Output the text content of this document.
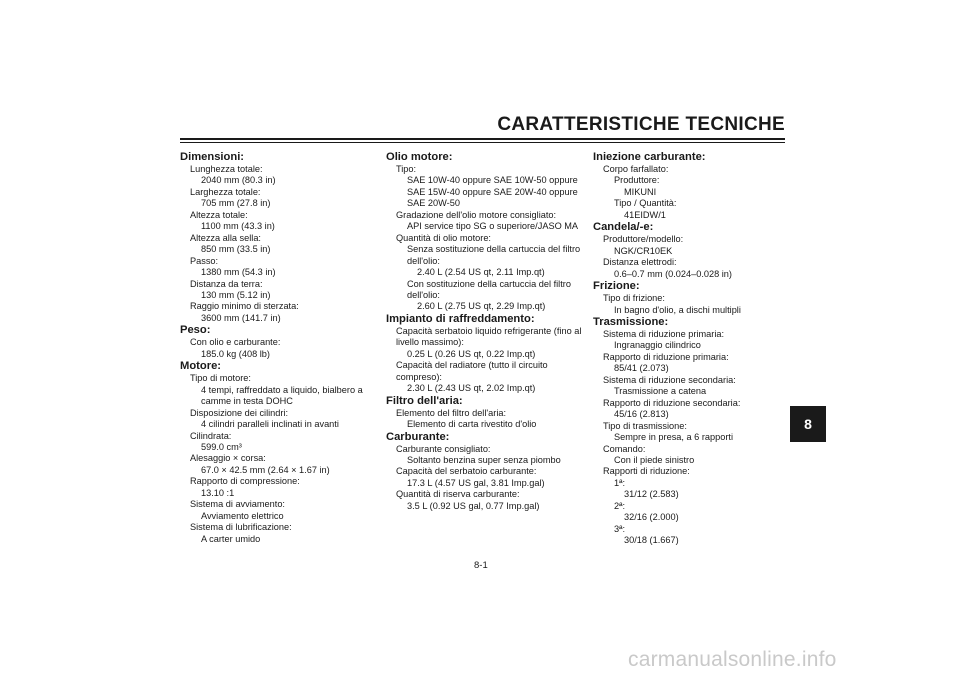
CARATTERISTICHE TECNICHE
8
Dimensioni:
Lunghezza totale:
2040 mm (80.3 in)
Larghezza totale:
705 mm (27.8 in)
Altezza totale:
1100 mm (43.3 in)
Altezza alla sella:
850 mm (33.5 in)
Passo:
1380 mm (54.3 in)
Distanza da terra:
130 mm (5.12 in)
Raggio minimo di sterzata:
3600 mm (141.7 in)
Peso:
Con olio e carburante:
185.0 kg (408 lb)
Motore:
Tipo di motore:
4 tempi, raffreddato a liquido, bialbero a
camme in testa DOHC
Disposizione dei cilindri:
4 cilindri paralleli inclinati in avanti
Cilindrata:
599.0 cm³
Alesaggio × corsa:
67.0 × 42.5 mm (2.64 × 1.67 in)
Rapporto di compressione:
13.10 :1
Sistema di avviamento:
Avviamento elettrico
Sistema di lubrificazione:
A carter umido
Olio motore:
Tipo:
SAE 10W-40 oppure SAE 10W-50 oppure
SAE 15W-40 oppure SAE 20W-40 oppure
SAE 20W-50
Gradazione dell'olio motore consigliato:
API service tipo SG o superiore/JASO MA
Quantità di olio motore:
Senza sostituzione della cartuccia del filtro
dell'olio:
2.40 L (2.54 US qt, 2.11 Imp.qt)
Con sostituzione della cartuccia del filtro
dell'olio:
2.60 L (2.75 US qt, 2.29 Imp.qt)
Impianto di raffreddamento:
Capacità serbatoio liquido refrigerante (fino al
livello massimo):
0.25 L (0.26 US qt, 0.22 Imp.qt)
Capacità del radiatore (tutto il circuito
compreso):
2.30 L (2.43 US qt, 2.02 Imp.qt)
Filtro dell'aria:
Elemento del filtro dell'aria:
Elemento di carta rivestito d'olio
Carburante:
Carburante consigliato:
Soltanto benzina super senza piombo
Capacità del serbatoio carburante:
17.3 L (4.57 US gal, 3.81 Imp.gal)
Quantità di riserva carburante:
3.5 L (0.92 US gal, 0.77 Imp.gal)
Iniezione carburante:
Corpo farfallato:
Produttore:
MIKUNI
Tipo / Quantità:
41EIDW/1
Candela/-e:
Produttore/modello:
NGK/CR10EK
Distanza elettrodi:
0.6–0.7 mm (0.024–0.028 in)
Frizione:
Tipo di frizione:
In bagno d'olio, a dischi multipli
Trasmissione:
Sistema di riduzione primaria:
Ingranaggio cilindrico
Rapporto di riduzione primaria:
85/41 (2.073)
Sistema di riduzione secondaria:
Trasmissione a catena
Rapporto di riduzione secondaria:
45/16 (2.813)
Tipo di trasmissione:
Sempre in presa, a 6 rapporti
Comando:
Con il piede sinistro
Rapporti di riduzione:
1ª:
31/12 (2.583)
2ª:
32/16 (2.000)
3ª:
30/18 (1.667)
8-1
carmanualsonline.info
